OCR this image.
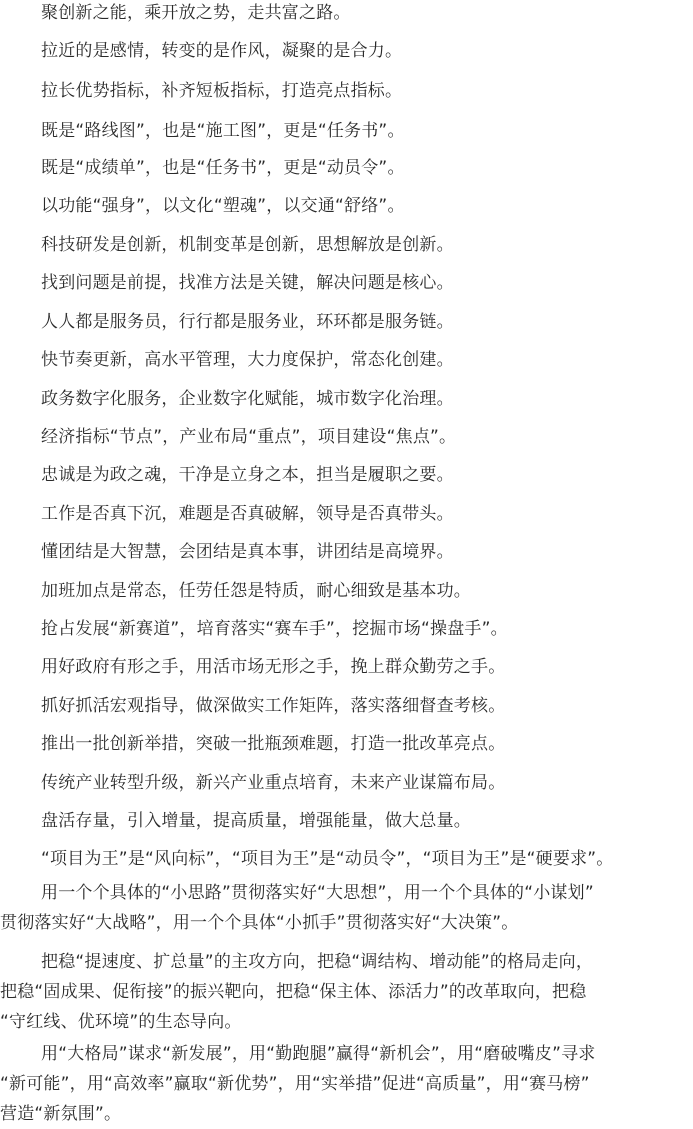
聚创新之能，乘开放之势，走共富之路。
拉近的是感情，转变的是作风，凝聚的是合力。
拉长优势指标，补齐短板指标，打造亮点指标。
既是“路线图”，也是“施工图”，更是“任务书”。
既是“成绩单”，也是“任务书”，更是“动员令”。
以功能“强身”，以文化“塑魂”，以交通“舒络”。
科技研发是创新，机制变革是创新，思想解放是创新。
找到问题是前提，找准方法是关键，解决问题是核心。
人人都是服务员，行行都是服务业，环环都是服务链。
快节奏更新，高水平管理，大力度保护，常态化创建。
政务数字化服务，企业数字化赋能，城市数字化治理。
经济指标“节点”，产业布局“重点”，项目建设“焦点”。
忠诚是为政之魂，干净是立身之本，担当是履职之要。
工作是否真下沉，难题是否真破解，领导是否真带头。
懂团结是大智慧，会团结是真本事，讲团结是高境界。
加班加点是常态，任劳任怨是特质，耐心细致是基本功。
抢占发展“新赛道”，培育落实“赛车手”，挖掘市场“操盘手”。
用好政府有形之手，用活市场无形之手，挽上群众勤劳之手。
抓好抓活宏观指导，做深做实工作矩阵，落实落细督查考核。
推出一批创新举措，突破一批瓶颈难题，打造一批改革亮点。
传统产业转型升级，新兴产业重点培育，未来产业谋篇布局。
盘活存量，引入增量，提高质量，增强能量，做大总量。
“项目为王”是“风向标”，“项目为王”是“动员令”，“项目为王”是“硬要求”。
用一个个具体的“小思路”贯彻落实好“大思想”，用一个个具体的“小谋划”
贯彻落实好“大战略”，用一个个具体“小抓手”贯彻落实好“大决策”。
把稳“提速度、扩总量”的主攻方向，把稳“调结构、增动能”的格局走向，
把稳“固成果、促衔接”的振兴靶向，把稳“保主体、添活力”的改革取向，把稳
“守红线、优环境”的生态导向。
用“大格局”谋求“新发展”，用“勤跑腿”赢得“新机会”，用“磨破嘴皮”寻求
“新可能”，用“高效率”赢取“新优势”，用“实举措”促进“高质量”，用“赛马榜”
营造“新氛围”。
